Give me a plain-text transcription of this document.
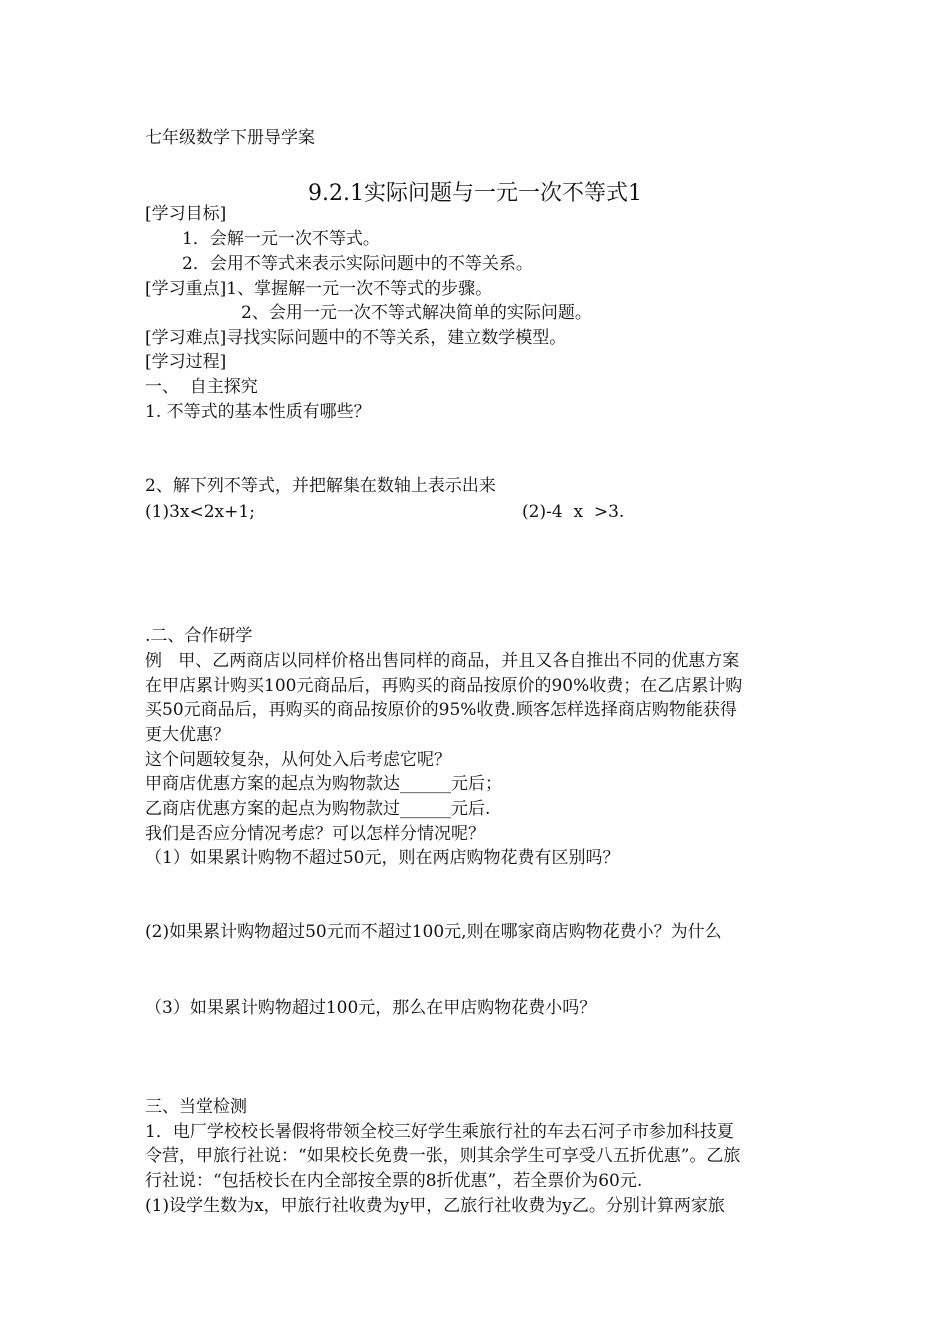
七年级数学下册导学案
9.2.1实际问题与一元一次不等式1
[学习目标]
1．会解一元一次不等式。
2．会用不等式来表示实际问题中的不等关系。
[学习重点]1、掌握解一元一次不等式的步骤。
2、会用一元一次不等式解决简单的实际问题。
[学习难点]寻找实际问题中的不等关系，建立数学模型。
[学习过程]
一、  自主探究
1. 不等式的基本性质有哪些？
2、解下列不等式，并把解集在数轴上表示出来
(1)3x<2x+1;	(2)-4  x  >3.
.二、合作研学
例   甲、乙两商店以同样价格出售同样的商品，并且又各自推出不同的优惠方案
在甲店累计购买100元商品后，再购买的商品按原价的90%收费；在乙店累计购
买50元商品后，再购买的商品按原价的95%收费.顾客怎样选择商店购物能获得
更大优惠？
这个问题较复杂，从何处入后考虑它呢？
甲商店优惠方案的起点为购物款达______元后；
乙商店优惠方案的起点为购物款过______元后.
我们是否应分情况考虑？可以怎样分情况呢？
（1）如果累计购物不超过50元，则在两店购物花费有区别吗？
(2)如果累计购物超过50元而不超过100元,则在哪家商店购物花费小？为什么
（3）如果累计购物超过100元，那么在甲店购物花费小吗？
三、当堂检测
1．电厂学校校长暑假将带领全校三好学生乘旅行社的车去石河子市参加科技夏
令营，甲旅行社说：“如果校长免费一张，则其余学生可享受八五折优惠”。乙旅
行社说：“包括校长在内全部按全票的8折优惠”，若全票价为60元.
(1)设学生数为x，甲旅行社收费为y甲，乙旅行社收费为y乙。分别计算两家旅
